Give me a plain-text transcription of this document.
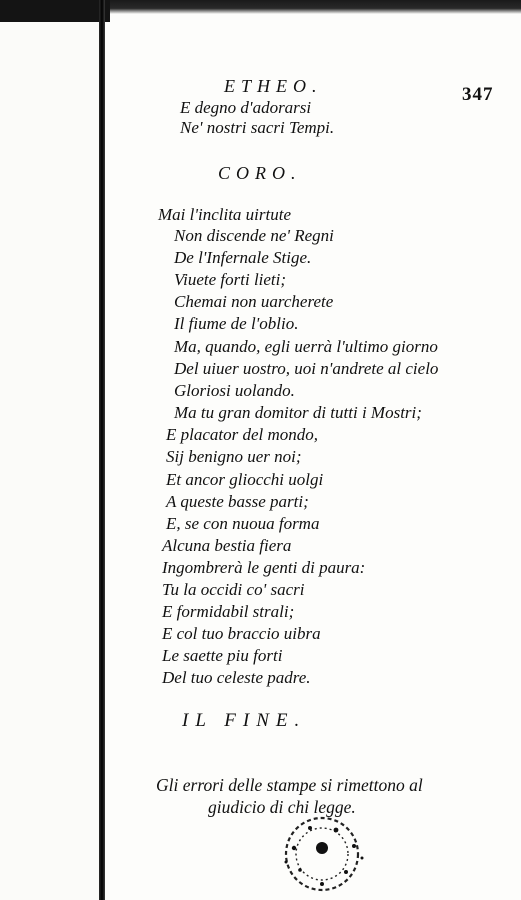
347
ETHEO.
E degno d'adorarsi
Ne' nostri sacri Tempi.
CORO.
Mai l'inclita uirtute
Non discende ne' Regni
De l'Infernale Stige.
Viuete forti lieti;
Chemai non uarcherete
Il fiume de l'oblio.
Ma, quando, egli uerrà l'ultimo giorno
Del uiuer uostro, uoi n'andrete al cielo
Gloriosi uolando.
Ma tu gran domitor di tutti i Mostri;
E placator del mondo,
Sij benigno uer noi;
Et ancor gliocchi uolgi
A queste basse parti;
E, se con nuoua forma
Alcuna bestia fiera
Ingombrerà le genti di paura:
Tu la occidi co' sacri
E formidabil strali;
E col tuo braccio uibra
Le saette piu forti
Del tuo celeste padre.
IL FINE.
Gli errori delle stampe si rimettono al
giudicio di chi legge.
